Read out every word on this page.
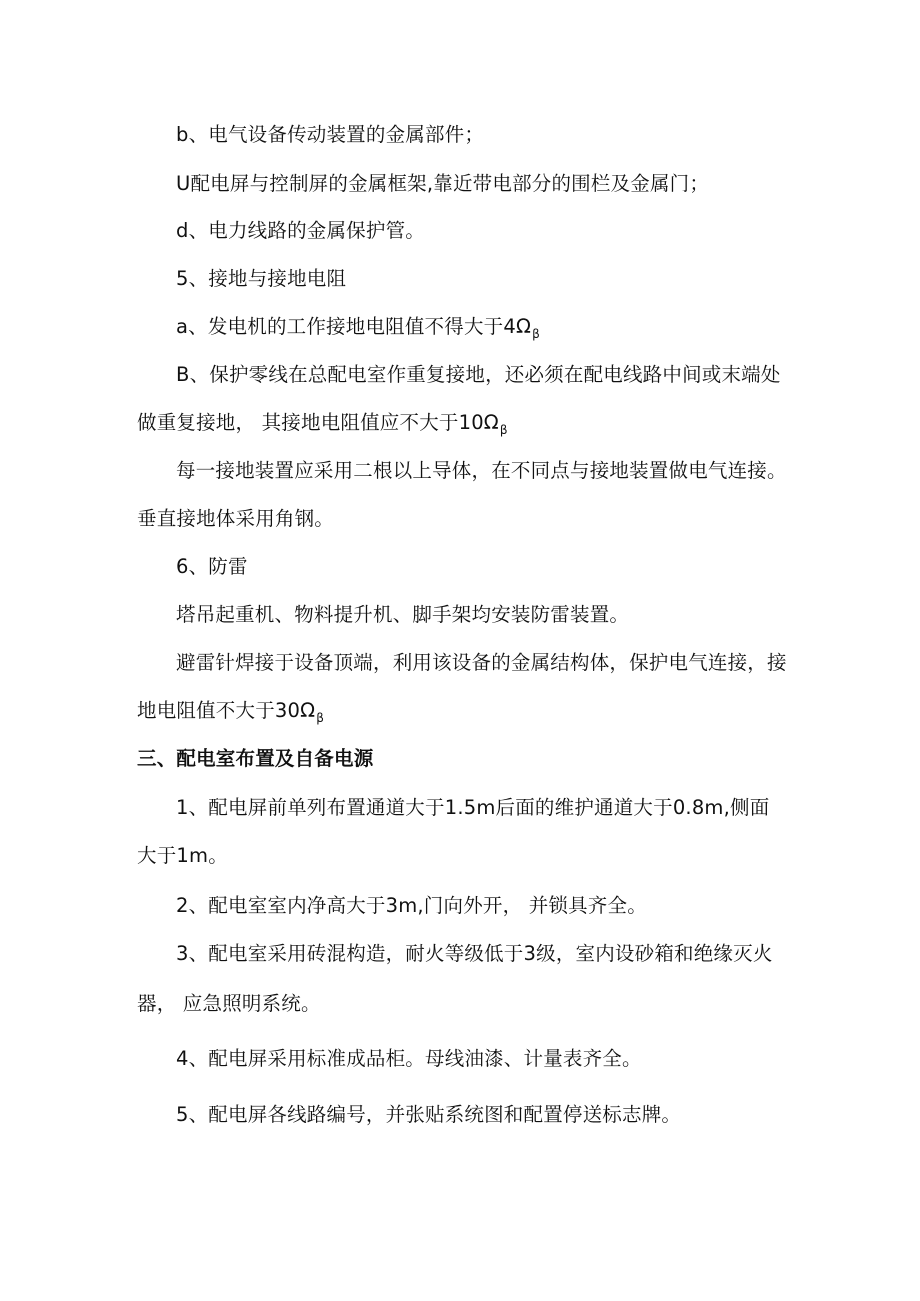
b、电气设备传动装置的金属部件；
U配电屏与控制屏的金属框架,靠近带电部分的围栏及金属门；
d、电力线路的金属保护管。
5、接地与接地电阻
a、发电机的工作接地电阻值不得大于$4\Omega_\beta$
B、保护零线在总配电室作重复接地，还必须在配电线路中间或末端处
做重复接地， 其接地电阻值应不大于$10\Omega_\beta$
每一接地装置应采用二根以上导体，在不同点与接地装置做电气连接。
垂直接地体采用角钢。
6、防雷
塔吊起重机、物料提升机、脚手架均安装防雷装置。
避雷针焊接于设备顶端，利用该设备的金属结构体，保护电气连接，接
地电阻值不大于$30\Omega_\beta$
三、配电室布置及自备电源
1、配电屏前单列布置通道大于1.5m后面的维护通道大于0.8m,侧面
大于1m。
2、配电室室内净高大于3m,门向外开， 并锁具齐全。
3、配电室采用砖混构造，耐火等级低于3级，室内设砂箱和绝缘灭火
器， 应急照明系统。
4、配电屏采用标准成品柜。母线油漆、计量表齐全。
5、配电屏各线路编号，并张贴系统图和配置停送标志牌。
